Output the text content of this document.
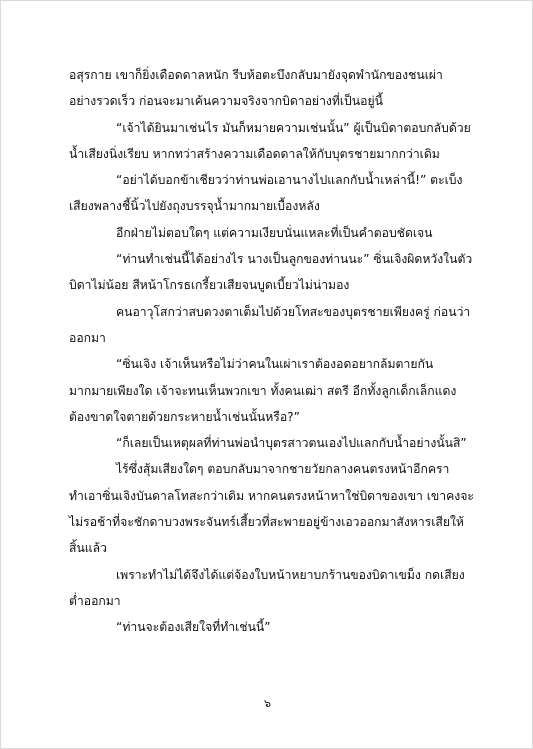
อสุรกาย เขาก็ยิ่งเดือดดาลหนัก รีบห้อตะบึงกลับมายังจุดพำนักของชนเผ่า
อย่างรวดเร็ว ก่อนจะมาเค้นความจริงจากบิดาอย่างที่เป็นอยู่นี้
“เจ้าได้ยินมาเช่นไร มันก็หมายความเช่นนั้น” ผู้เป็นบิดาตอบกลับด้วย
น้ำเสียงนิ่งเรียบ หากทว่าสร้างความเดือดดาลให้กับบุตรชายมากกว่าเดิม
“อย่าได้บอกข้าเชียวว่าท่านพ่อเอานางไปแลกกับน้ำเหล่านี้!” ตะเบ็ง
เสียงพลางชี้นิ้วไปยังถุงบรรจุน้ำมากมายเบื้องหลัง
อีกฝ่ายไม่ตอบใดๆ แต่ความเงียบนั่นแหละที่เป็นคำตอบชัดเจน
“ท่านทำเช่นนี้ได้อย่างไร นางเป็นลูกของท่านนะ” ซิ่นเจิงผิดหวังในตัว
บิดาไม่น้อย สีหน้าโกรธเกรี้ยวเสียจนบูดเบี้ยวไม่น่ามอง
คนอาวุโสกว่าสบดวงตาเต็มไปด้วยโทสะของบุตรชายเพียงครู่ ก่อนว่า
ออกมา
“ซิ่นเจิง เจ้าเห็นหรือไม่ว่าคนในเผ่าเราต้องอดอยากล้มตายกัน
มากมายเพียงใด เจ้าจะทนเห็นพวกเขา ทั้งคนเฒ่า สตรี อีกทั้งลูกเด็กเล็กแดง
ต้องขาดใจตายด้วยกระหายน้ำเช่นนั้นหรือ?”
“ก็เลยเป็นเหตุผลที่ท่านพ่อนำบุตรสาวตนเองไปแลกกับน้ำอย่างนั้นสิ”
ไร้ซึ่งสุ้มเสียงใดๆ ตอบกลับมาจากชายวัยกลางคนตรงหน้าอีกครา
ทำเอาซิ่นเจิงบันดาลโทสะกว่าเดิม หากคนตรงหน้าหาใช่บิดาของเขา เขาคงจะ
ไม่รอช้าที่จะชักดาบวงพระจันทร์เสี้ยวที่สะพายอยู่ข้างเอวออกมาสังหารเสียให้
สิ้นแล้ว
เพราะทำไม่ได้จึงได้แต่จ้องใบหน้าหยาบกร้านของบิดาเขม็ง กดเสียง
ต่ำออกมา
“ท่านจะต้องเสียใจที่ทำเช่นนี้”
๖
